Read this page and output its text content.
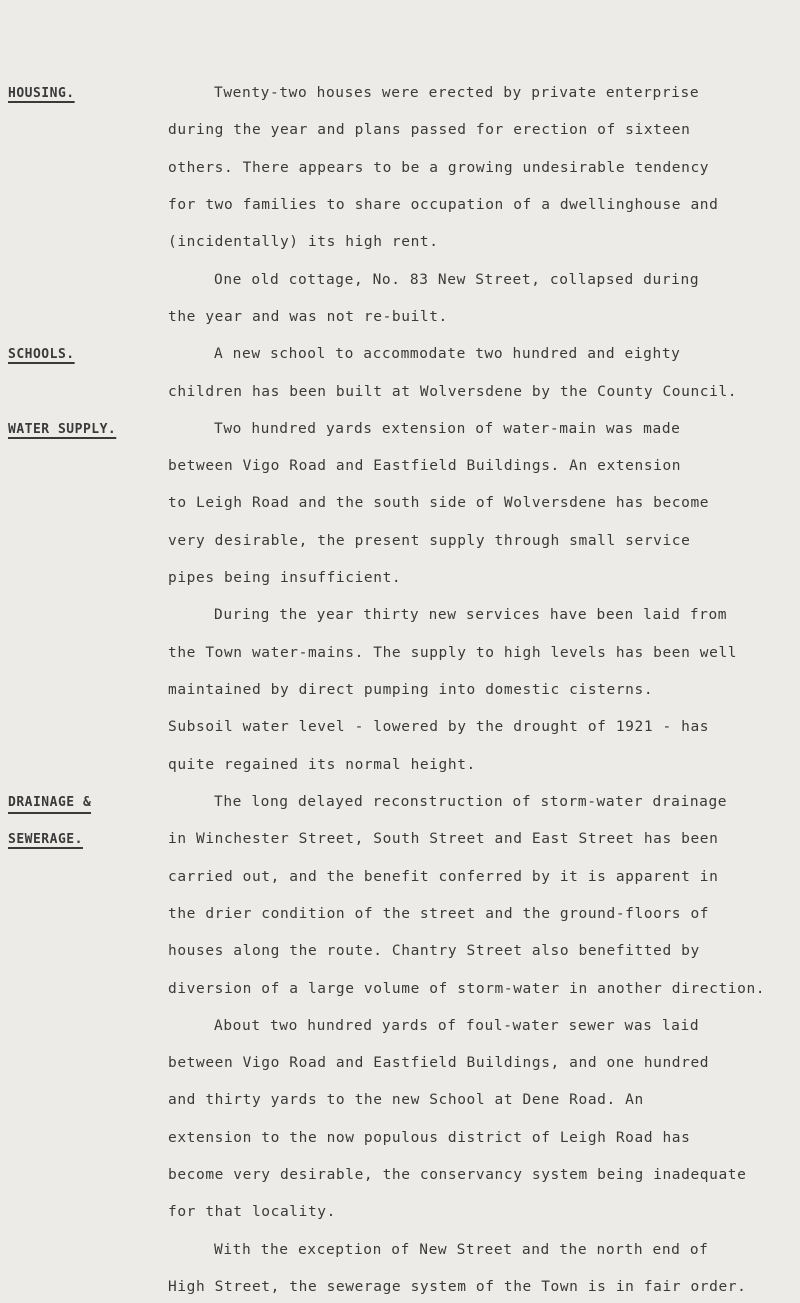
HOUSING.
SCHOOLS.
WATER SUPPLY.
DRAINAGE &
SEWERAGE.
Twenty-two houses were erected by private enterprise
during the year and plans passed for erection of sixteen
others. There appears to be a growing undesirable tendency
for two families to share occupation of a dwellinghouse and
(incidentally) its high rent.
One old cottage, No. 83 New Street, collapsed during
the year and was not re-built.
A new school to accommodate two hundred and eighty
children has been built at Wolversdene by the County Council.
Two hundred yards extension of water-main was made
between Vigo Road and Eastfield Buildings. An extension
to Leigh Road and the south side of Wolversdene has become
very desirable, the present supply through small service
pipes being insufficient.
During the year thirty new services have been laid from
the Town water-mains. The supply to high levels has been well
maintained by direct pumping into domestic cisterns.
Subsoil water level - lowered by the drought of 1921 - has
quite regained its normal height.
The long delayed reconstruction of storm-water drainage
in Winchester Street, South Street and East Street has been
carried out, and the benefit conferred by it is apparent in
the drier condition of the street and the ground-floors of
houses along the route. Chantry Street also benefitted by
diversion of a large volume of storm-water in another direction.
About two hundred yards of foul-water sewer was laid
between Vigo Road and Eastfield Buildings, and one hundred
and thirty yards to the new School at Dene Road. An
extension to the now populous district of Leigh Road has
become very desirable, the conservancy system being inadequate
for that locality.
With the exception of New Street and the north end of
High Street, the sewerage system of the Town is in fair order.
